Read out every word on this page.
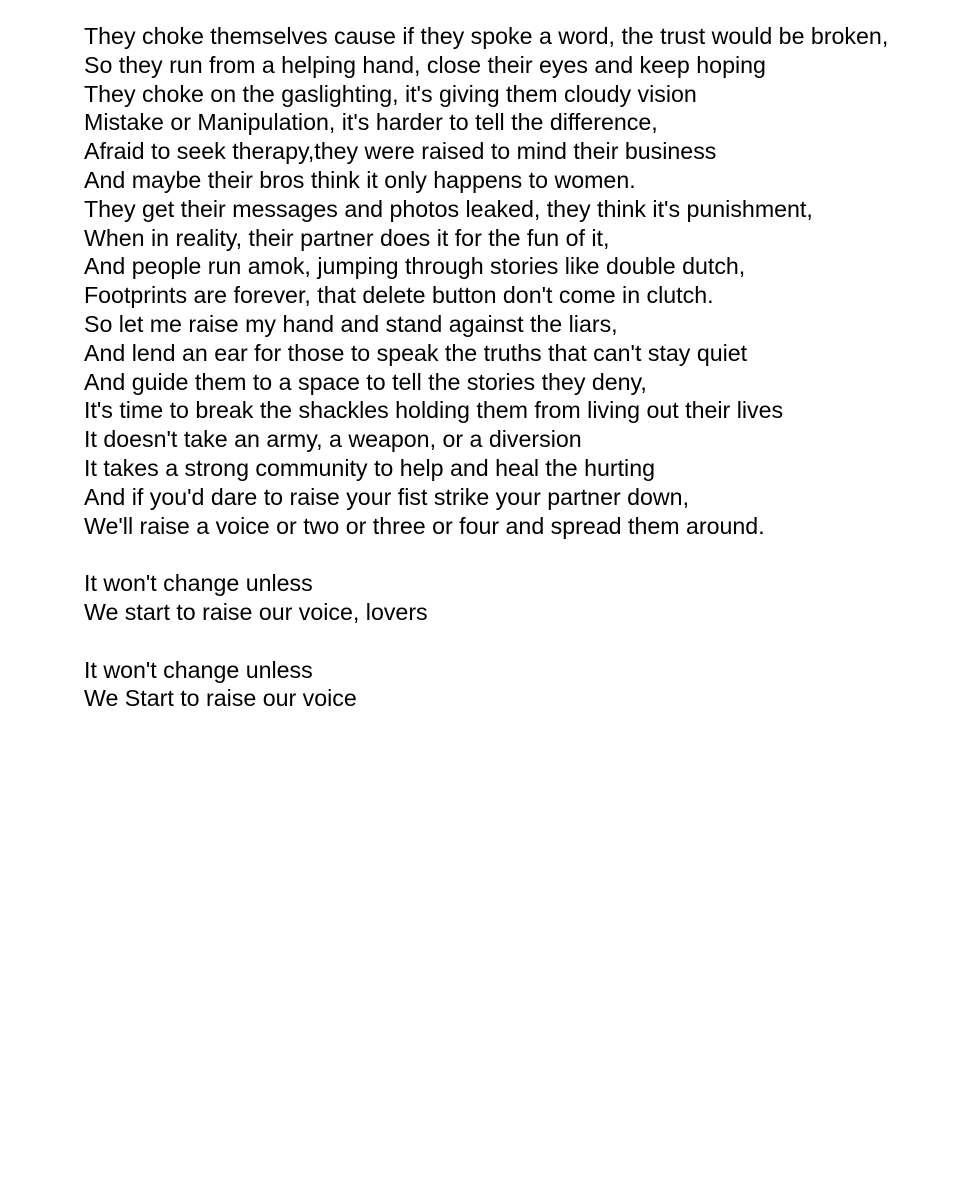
They choke themselves cause if they spoke a word, the trust would be broken,
So they run from a helping hand, close their eyes and keep hoping
They choke on the gaslighting, it's giving them cloudy vision
Mistake or Manipulation, it's harder to tell the difference,
Afraid to seek therapy,they were raised to mind their business
And maybe their bros think it only happens to women.
They get their messages and photos leaked, they think it's punishment,
When in reality, their partner does it for the fun of it,
And people run amok, jumping through stories like double dutch,
Footprints are forever, that delete button don't come in clutch.
So let me raise my hand and stand against the liars,
And lend an ear for those to speak the truths that can't stay quiet
And guide them to a space to tell the stories they deny,
It's time to break the shackles holding them from living out their lives
It doesn't take an army, a weapon, or a diversion
It takes a strong community to help and heal the hurting
And if you'd dare to raise your fist strike your partner down,
We'll raise a voice or two or three or four and spread them around.
It won't change unless
We start to raise our voice, lovers
It won't change unless
We Start to raise our voice
